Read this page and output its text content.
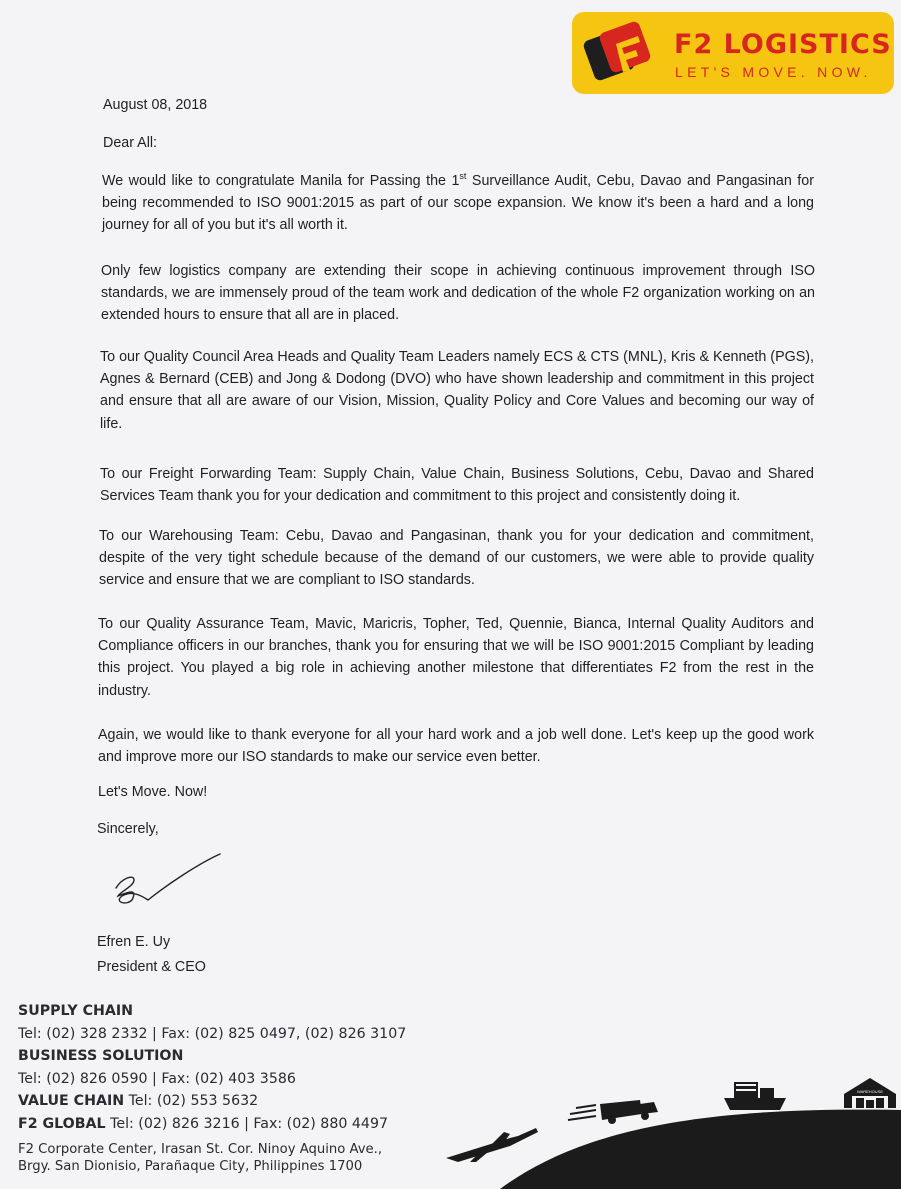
F2 LOGISTICS
LET'S MOVE. NOW.

August 08, 2018

Dear All:

We would like to congratulate Manila for Passing the 1st Surveillance Audit, Cebu, Davao and Pangasinan for being recommended to ISO 9001:2015 as part of our scope expansion. We know it's been a hard and a long journey for all of you but it's all worth it.

Only few logistics company are extending their scope in achieving continuous improvement through ISO standards, we are immensely proud of the team work and dedication of the whole F2 organization working on an extended hours to ensure that all are in placed.

To our Quality Council Area Heads and Quality Team Leaders namely ECS & CTS (MNL), Kris & Kenneth (PGS), Agnes & Bernard (CEB) and Jong & Dodong (DVO) who have shown leadership and commitment in this project and ensure that all are aware of our Vision, Mission, Quality Policy and Core Values and becoming our way of life.

To our Freight Forwarding Team: Supply Chain, Value Chain, Business Solutions, Cebu, Davao and Shared Services Team thank you for your dedication and commitment to this project and consistently doing it.

To our Warehousing Team: Cebu, Davao and Pangasinan, thank you for your dedication and commitment, despite of the very tight schedule because of the demand of our customers, we were able to provide quality service and ensure that we are compliant to ISO standards.

To our Quality Assurance Team, Mavic, Maricris, Topher, Ted, Quennie, Bianca, Internal Quality Auditors and Compliance officers in our branches, thank you for ensuring that we will be ISO 9001:2015 Compliant by leading this project. You played a big role in achieving another milestone that differentiates F2 from the rest in the industry.

Again, we would like to thank everyone for all your hard work and a job well done. Let's keep up the good work and improve more our ISO standards to make our service even better.

Let's Move. Now!

Sincerely,

Efren E. Uy

President & CEO

SUPPLY CHAIN
Tel: (02) 328 2332 | Fax: (02) 825 0497, (02) 826 3107
BUSINESS SOLUTION
Tel: (02) 826 0590 | Fax: (02) 403 3586
VALUE CHAIN Tel: (02) 553 5632
F2 GLOBAL Tel: (02) 826 3216 | Fax: (02) 880 4497
F2 Corporate Center, Irasan St. Cor. Ninoy Aquino Ave.,
Brgy. San Dionisio, Parañaque City, Philippines 1700
WAREHOUSE
